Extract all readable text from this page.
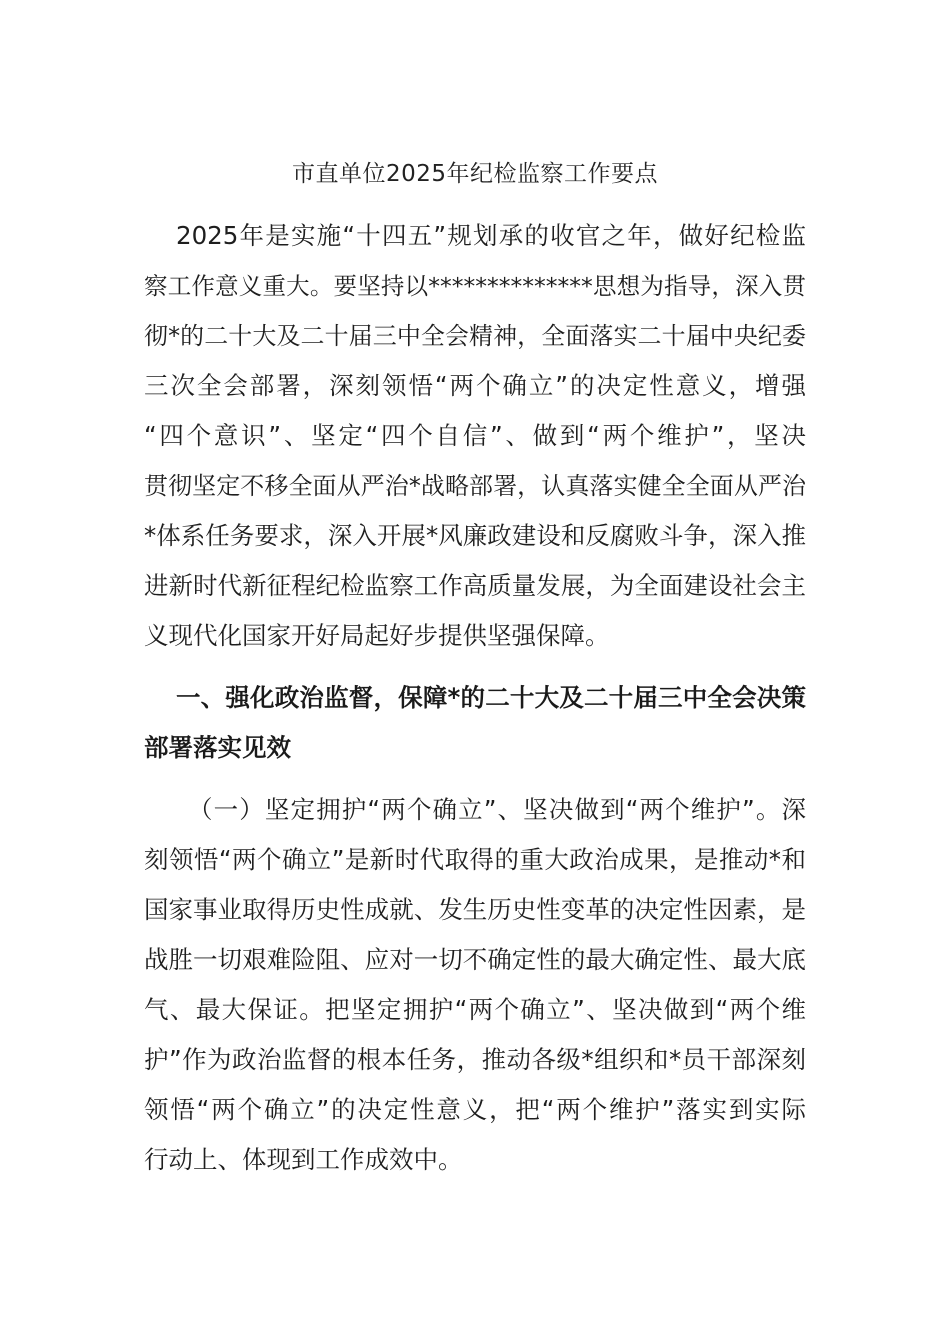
市直单位2025年纪检监察工作要点
2025年是实施“十四五”规划承的收官之年，做好纪检监
察工作意义重大。要坚持以**************思想为指导，深入贯
彻*的二十大及二十届三中全会精神，全面落实二十届中央纪委
三次全会部署，深刻领悟“两个确立”的决定性意义，增强
“四个意识”、坚定“四个自信”、做到“两个维护”，坚决
贯彻坚定不移全面从严治*战略部署，认真落实健全全面从严治
*体系任务要求，深入开展*风廉政建设和反腐败斗争，深入推
进新时代新征程纪检监察工作高质量发展，为全面建设社会主
义现代化国家开好局起好步提供坚强保障。
一、强化政治监督，保障*的二十大及二十届三中全会决策
部署落实见效
（一）坚定拥护“两个确立”、坚决做到“两个维护”。深
刻领悟“两个确立”是新时代取得的重大政治成果，是推动*和
国家事业取得历史性成就、发生历史性变革的决定性因素，是
战胜一切艰难险阻、应对一切不确定性的最大确定性、最大底
气、最大保证。把坚定拥护“两个确立”、坚决做到“两个维
护”作为政治监督的根本任务，推动各级*组织和*员干部深刻
领悟“两个确立”的决定性意义，把“两个维护”落实到实际
行动上、体现到工作成效中。
